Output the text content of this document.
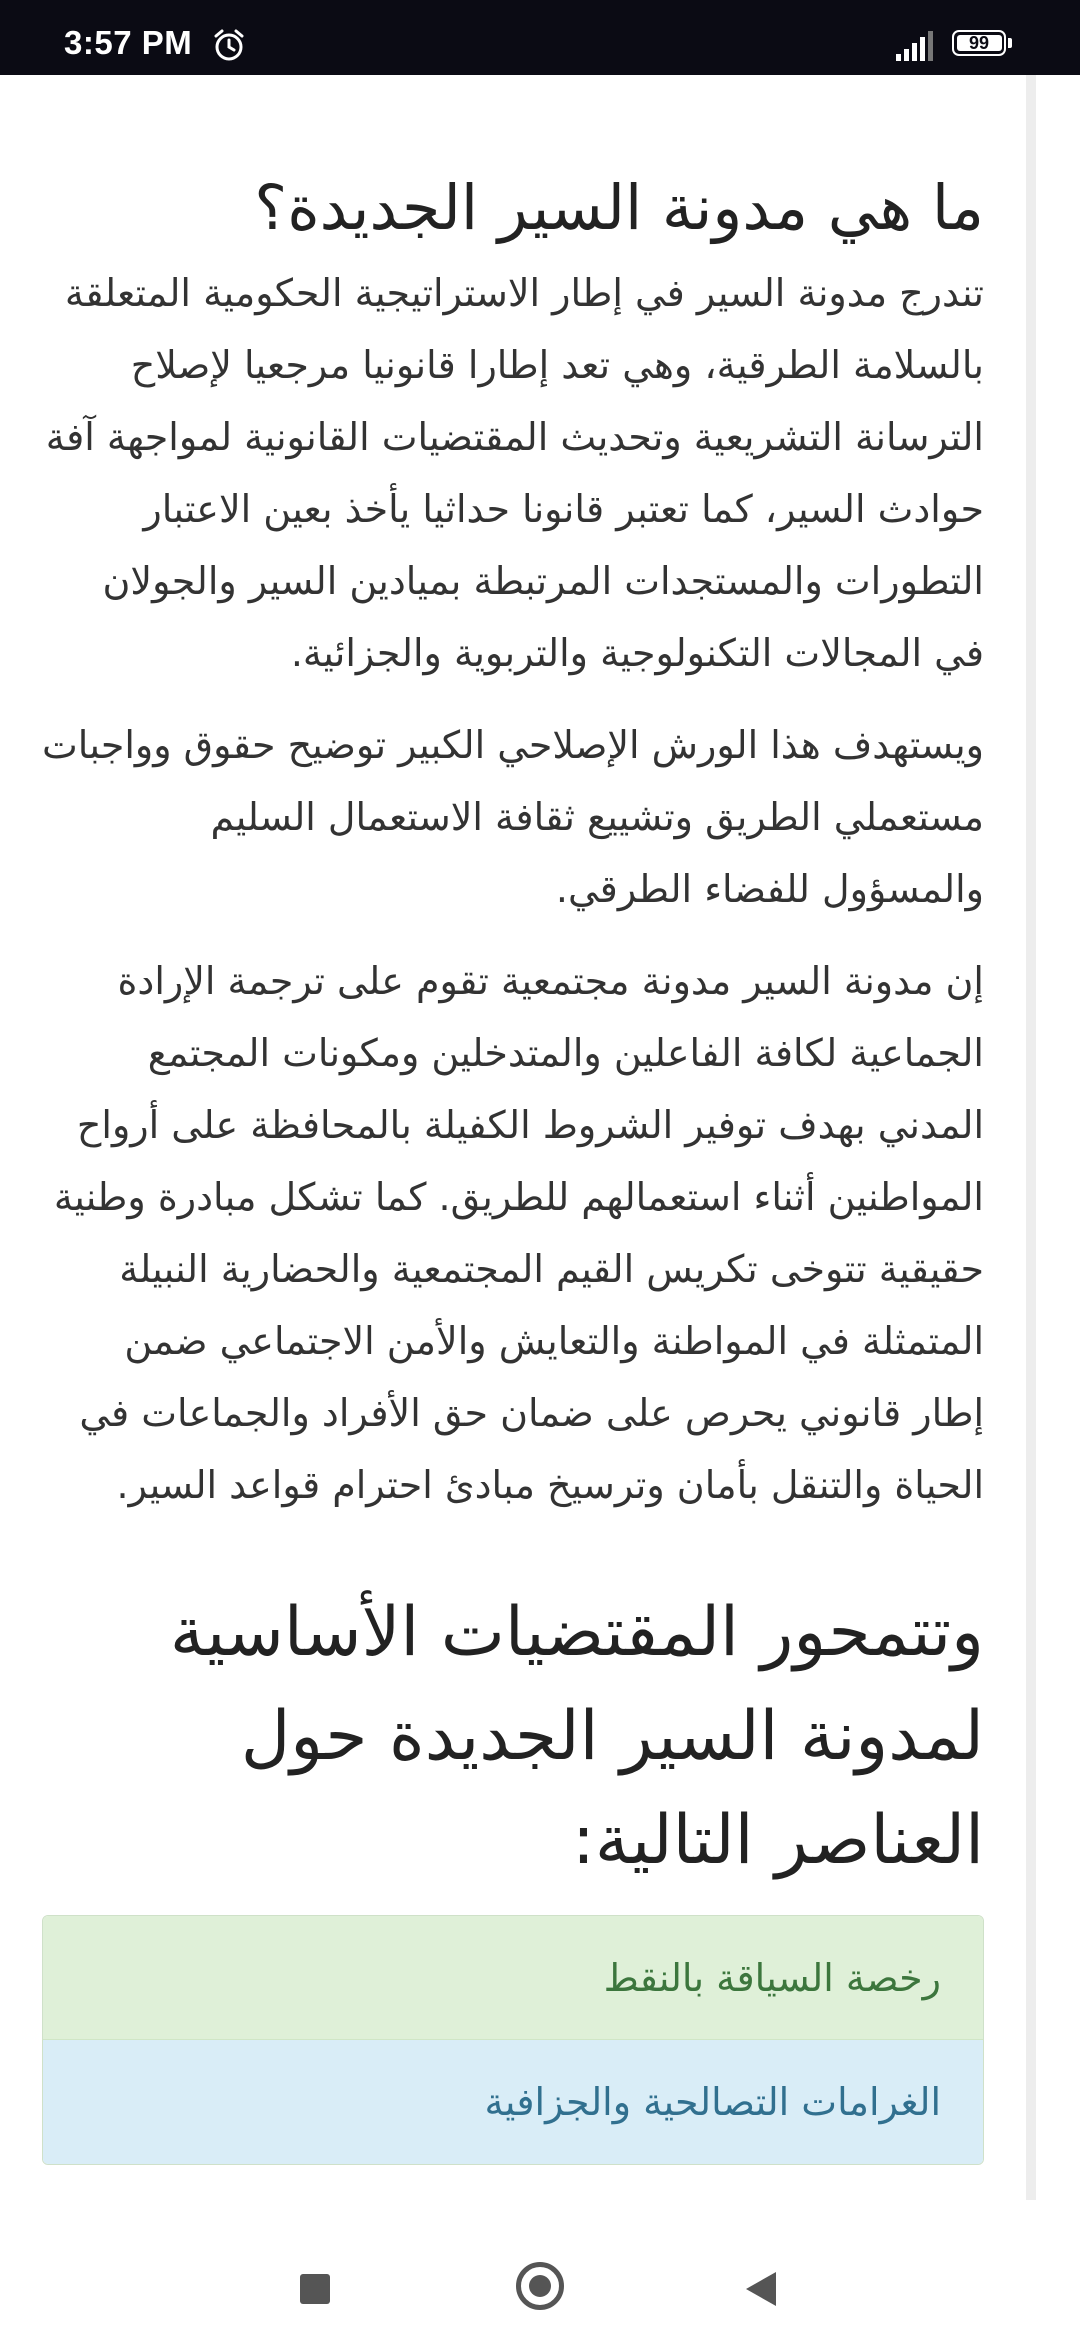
3:57 PM	99
ما هي مدونة السير الجديدة؟

تندرج مدونة السير في إطار الاستراتيجية الحكومية المتعلقة بالسلامة الطرقية، وهي تعد إطارا قانونيا مرجعيا لإصلاح الترسانة التشريعية وتحديث المقتضيات القانونية لمواجهة آفة حوادث السير، كما تعتبر قانونا حداثيا يأخذ بعين الاعتبار التطورات والمستجدات المرتبطة بميادين السير والجولان في المجالات التكنولوجية والتربوية والجزائية.

ويستهدف هذا الورش الإصلاحي الكبير توضيح حقوق وواجبات مستعملي الطريق وتشييع ثقافة الاستعمال السليم والمسؤول للفضاء الطرقي.

إن مدونة السير مدونة مجتمعية تقوم على ترجمة الإرادة الجماعية لكافة الفاعلين والمتدخلين ومكونات المجتمع المدني بهدف توفير الشروط الكفيلة بالمحافظة على أرواح المواطنين أثناء استعمالهم للطريق. كما تشكل مبادرة وطنية حقيقية تتوخى تكريس القيم المجتمعية والحضارية النبيلة المتمثلة في المواطنة والتعايش والأمن الاجتماعي ضمن إطار قانوني يحرص على ضمان حق الأفراد والجماعات في الحياة والتنقل بأمان وترسيخ مبادئ احترام قواعد السير.

وتتمحور المقتضيات الأساسية لمدونة السير الجديدة حول العناصر التالية:
رخصة السياقة بالنقط
الغرامات التصالحية والجزافية
